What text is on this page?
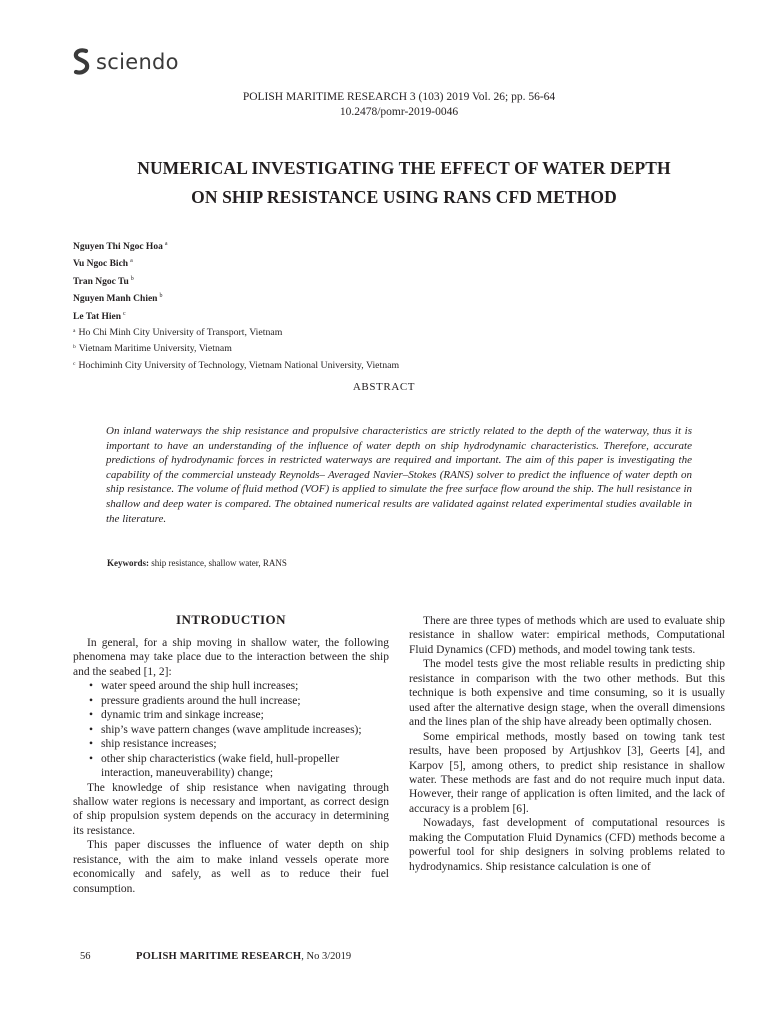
sciendo
POLISH MARITIME RESEARCH 3 (103) 2019 Vol. 26; pp. 56-64
10.2478/pomr-2019-0046
NUMERICAL INVESTIGATING THE EFFECT OF WATER DEPTH
ON SHIP RESISTANCE USING RANS CFD METHOD
Nguyen Thi Ngoc Hoa $^a$
Vu Ngoc Bich $^a$
Tran Ngoc Tu $^b$
Nguyen Manh Chien $^b$
Le Tat Hien $^c$
$^a$ Ho Chi Minh City University of Transport, Vietnam
$^b$ Vietnam Maritime University, Vietnam
$^c$ Hochiminh City University of Technology, Vietnam National University, Vietnam
ABSTRACT
On inland waterways the ship resistance and propulsive characteristics are strictly related to the depth of the waterway, thus it is important to have an understanding of the influence of water depth on ship hydrodynamic characteristics. Therefore, accurate predictions of hydrodynamic forces in restricted waterways are required and important. The aim of this paper is investigating the capability of the commercial unsteady Reynolds– Averaged Navier–Stokes (RANS) solver to predict the influence of water depth on ship resistance. The volume of fluid method (VOF) is applied to simulate the free surface flow around the ship. The hull resistance in shallow and deep water is compared. The obtained numerical results are validated against related experimental studies available in the literature.
Keywords: ship resistance, shallow water, RANS
INTRODUCTION

In general, for a ship moving in shallow water, the following phenomena may take place due to the interaction between the ship and the seabed [1, 2]:

• water speed around the ship hull increases;
• pressure gradients around the hull increase;
• dynamic trim and sinkage increase;
• ship’s wave pattern changes (wave amplitude increases);
• ship resistance increases;
• other ship characteristics (wake field, hull-propeller interaction, maneuverability) change;

The knowledge of ship resistance when navigating through shallow water regions is necessary and important, as correct design of ship propulsion system depends on the accuracy in determining its resistance.

This paper discusses the influence of water depth on ship resistance, with the aim to make inland vessels operate more economically and safely, as well as to reduce their fuel consumption.

There are three types of methods which are used to evaluate ship resistance in shallow water: empirical methods, Computational Fluid Dynamics (CFD) methods, and model towing tank tests.

The model tests give the most reliable results in predicting ship resistance in comparison with the two other methods. But this technique is both expensive and time consuming, so it is usually used after the alternative design stage, when the overall dimensions and the lines plan of the ship have already been optimally chosen.

Some empirical methods, mostly based on towing tank test results, have been proposed by Artjushkov [3], Geerts [4], and Karpov [5], among others, to predict ship resistance in shallow water. These methods are fast and do not require much input data. However, their range of application is often limited, and the lack of accuracy is a problem [6].

Nowadays, fast development of computational resources is making the Computation Fluid Dynamics (CFD) methods become a powerful tool for ship designers in solving problems related to hydrodynamics. Ship resistance calculation is one of

56	POLISH MARITIME RESEARCH, No 3/2019
